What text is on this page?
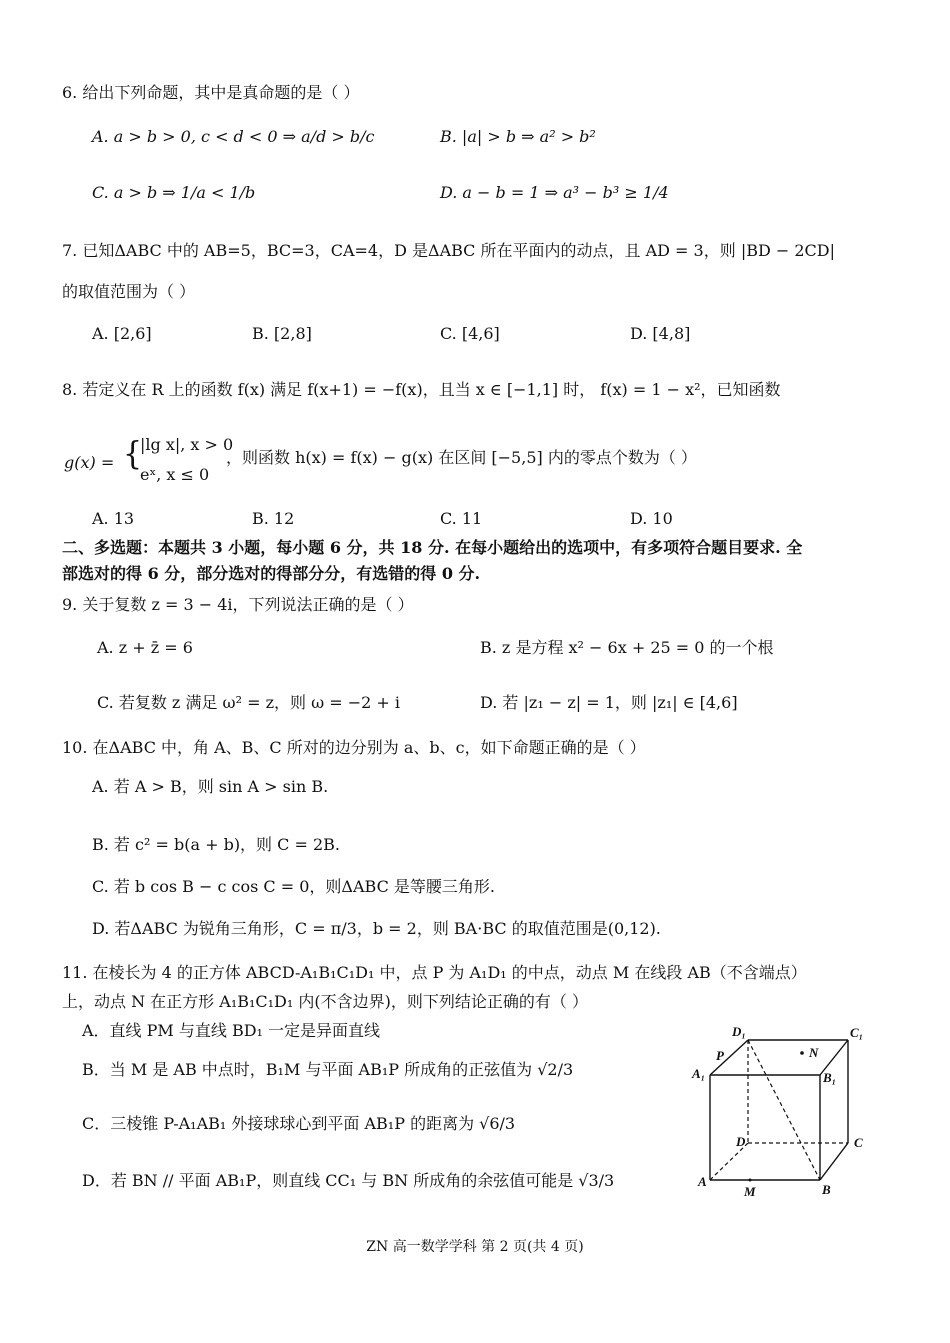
6. 给出下列命题，其中是真命题的是（ ）
A. a > b > 0, c < d < 0 ⇒ a/d > b/c	B. |a| > b ⇒ a² > b²
C. a > b ⇒ 1/a < 1/b	D. a − b = 1 ⇒ a³ − b³ ≥ 1/4
7. 已知ΔABC 中的 AB=5，BC=3，CA=4，D 是ΔABC 所在平面内的动点，且 AD = 3，则 |BD − 2CD|
的取值范围为（ ）
A. [2,6]	B. [2,8]	C. [4,6]	D. [4,8]
8. 若定义在 R 上的函数 f(x) 满足 f(x+1) = −f(x)，且当 x ∈ [−1,1] 时， f(x) = 1 − x²，已知函数
g(x) = {
|lg x|, x > 0
eˣ, x ≤ 0
，则函数 h(x) = f(x) − g(x) 在区间 [−5,5] 内的零点个数为（ ）
A. 13	B. 12	C. 11	D. 10
二、多选题：本题共 3 小题，每小题 6 分，共 18 分. 在每小题给出的选项中，有多项符合题目要求. 全
部选对的得 6 分，部分选对的得部分分，有选错的得 0 分.
9. 关于复数 z = 3 − 4i，下列说法正确的是（ ）
A. z + z̄ = 6	B. z 是方程 x² − 6x + 25 = 0 的一个根
C. 若复数 z 满足 ω² = z，则 ω = −2 + i	D. 若 |z₁ − z| = 1，则 |z₁| ∈ [4,6]
10. 在ΔABC 中，角 A、B、C 所对的边分别为 a、b、c，如下命题正确的是（ ）
A. 若 A > B，则 sin A > sin B.
B. 若 c² = b(a + b)，则 C = 2B.
C. 若 b cos B − c cos C = 0，则ΔABC 是等腰三角形.
D. 若ΔABC 为锐角三角形，C = π/3，b = 2，则 BA·BC 的取值范围是(0,12).
11. 在棱长为 4 的正方体 ABCD-A₁B₁C₁D₁ 中，点 P 为 A₁D₁ 的中点，动点 M 在线段 AB（不含端点）
上，动点 N 在正方形 A₁B₁C₁D₁ 内(不含边界)，则下列结论正确的有（ ）
A．直线 PM 与直线 BD₁ 一定是异面直线
B．当 M 是 AB 中点时，B₁M 与平面 AB₁P 所成角的正弦值为 √2/3
C．三棱锥 P-A₁AB₁ 外接球球心到平面 AB₁P 的距离为 √6/3
D．若 BN // 平面 AB₁P，则直线 CC₁ 与 BN 所成角的余弦值可能是 √3/3
D₁	C₁
P	N
A₁	B₁
D	C
A
M	B
ZN 高一数学学科 第 2 页(共 4 页)
